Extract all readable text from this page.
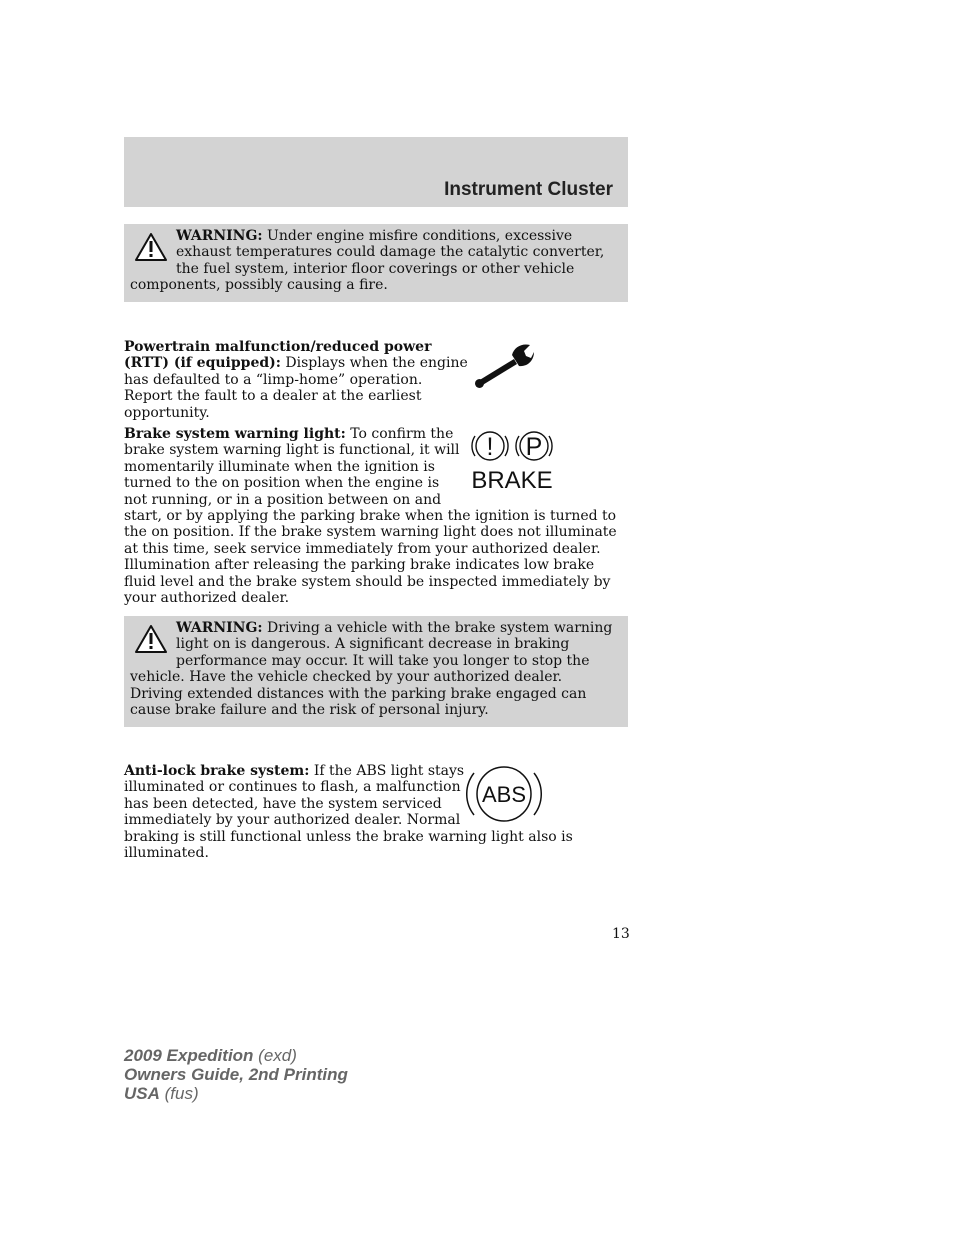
Instrument Cluster

WARNING: Under engine misfire conditions, excessive exhaust temperatures could damage the catalytic converter, the fuel system, interior floor coverings or other vehicle components, possibly causing a fire.

Powertrain malfunction/reduced power (RTT) (if equipped): Displays when the engine has defaulted to a “limp-home” operation. Report the fault to a dealer at the earliest opportunity.

! P
BRAKE

Brake system warning light: To confirm the brake system warning light is functional, it will momentarily illuminate when the ignition is turned to the on position when the engine is not running, or in a position between on and start, or by applying the parking brake when the ignition is turned to the on position. If the brake system warning light does not illuminate at this time, seek service immediately from your authorized dealer. Illumination after releasing the parking brake indicates low brake fluid level and the brake system should be inspected immediately by your authorized dealer.

WARNING: Driving a vehicle with the brake system warning light on is dangerous. A significant decrease in braking performance may occur. It will take you longer to stop the vehicle. Have the vehicle checked by your authorized dealer. Driving extended distances with the parking brake engaged can cause brake failure and the risk of personal injury.

ABS

Anti-lock brake system: If the ABS light stays illuminated or continues to flash, a malfunction has been detected, have the system serviced immediately by your authorized dealer. Normal braking is still functional unless the brake warning light also is illuminated.

13
2009 Expedition (exd)
Owners Guide, 2nd Printing
USA (fus)
